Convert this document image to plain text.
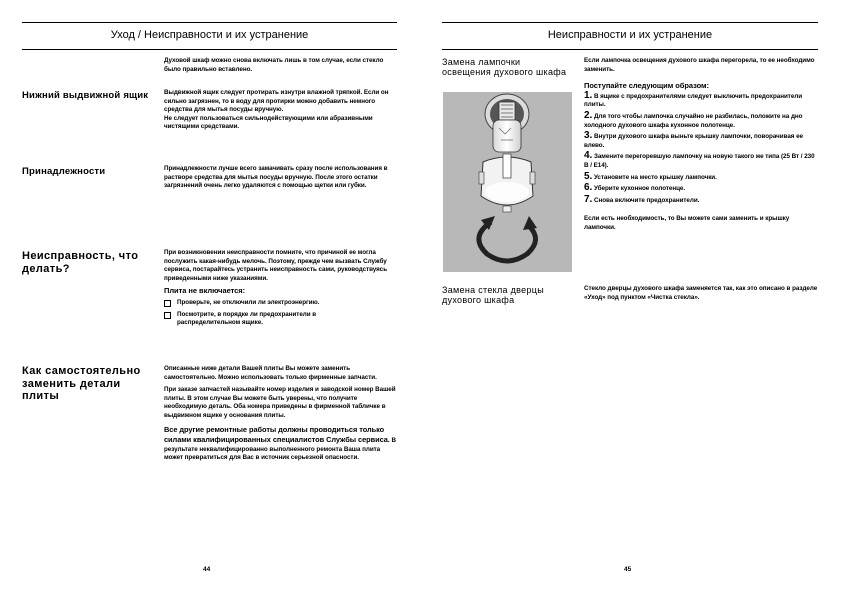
Уход / Неисправности и их устранение
Духовой шкаф можно снова включать лишь в том случае, если стекло было правильно вставлено.
Нижний выдвижной ящик	Выдвижной ящик следует протирать изнутри влажной тряпкой. Если он сильно загрязнен, то в воду для протирки можно добавить немного средства для мытья посуды вручную.

Не следует пользоваться сильнодействующими или абразивными чистящими средствами.

Принадлежности	Принадлежности лучше всего замачивать сразу после использования в растворе средства для мытья посуды вручную. После этого остатки загрязнений очень легко удаляются с помощью щетки или губки.

Неисправность, что делать?

При возникновении неисправности помните, что причиной ее могла послужить какая-нибудь мелочь. Поэтому, прежде чем вызвать Службу сервиса, постарайтесь устранить неисправность сами, руководствуясь приведенными ниже указаниями.

Плита не включается:
Проверьте, не отключили ли электроэнергию.
Посмотрите, в порядке ли предохранители в распределительном ящике.
Как самостоятельно заменить детали плиты

Описанные ниже детали Вашей плиты Вы можете заменить самостоятельно. Можно использовать только фирменные запчасти.

При заказе запчастей называйте номер изделия и заводской номер Вашей плиты. В этом случае Вы можете быть уверены, что получите необходимую деталь. Оба номера приведены в фирменной табличке в выдвижном ящике у основания плиты.

Все другие ремонтные работы должны проводиться только силами квалифицированных специалистов Службы сервиса. В результате неквалифицированно выполненного ремонта Ваша плита может превратиться для Вас в источник серьезной опасности.

44
Неисправности и их устранение
Замена лампочки освещения духового шкафа

Если лампочка освещения духового шкафа перегорела, то ее необходимо заменить.

Поступайте следующим образом:
1. В ящике с предохранителями следует выключить предохранители плиты.
2. Для того чтобы лампочка случайно не разбилась, положите на дно холодного духового шкафа кухонное полотенце.
3. Внутри духового шкафа выньте крышку лампочки, поворачивая ее влево.
4. Замените перегоревшую лампочку на новую такого же типа (25 Вт / 230 В / E14).
5. Установите на место крышку лампочки.
6. Уберите кухонное полотенце.
7. Снова включите предохранители.

Если есть необходимость, то Вы можете сами заменить и крышку лампочки.

Замена стекла дверцы духового шкафа
Стекло дверцы духового шкафа заменяется так, как это описано в разделе «Уход» под пунктом «Чистка стекла».
45
